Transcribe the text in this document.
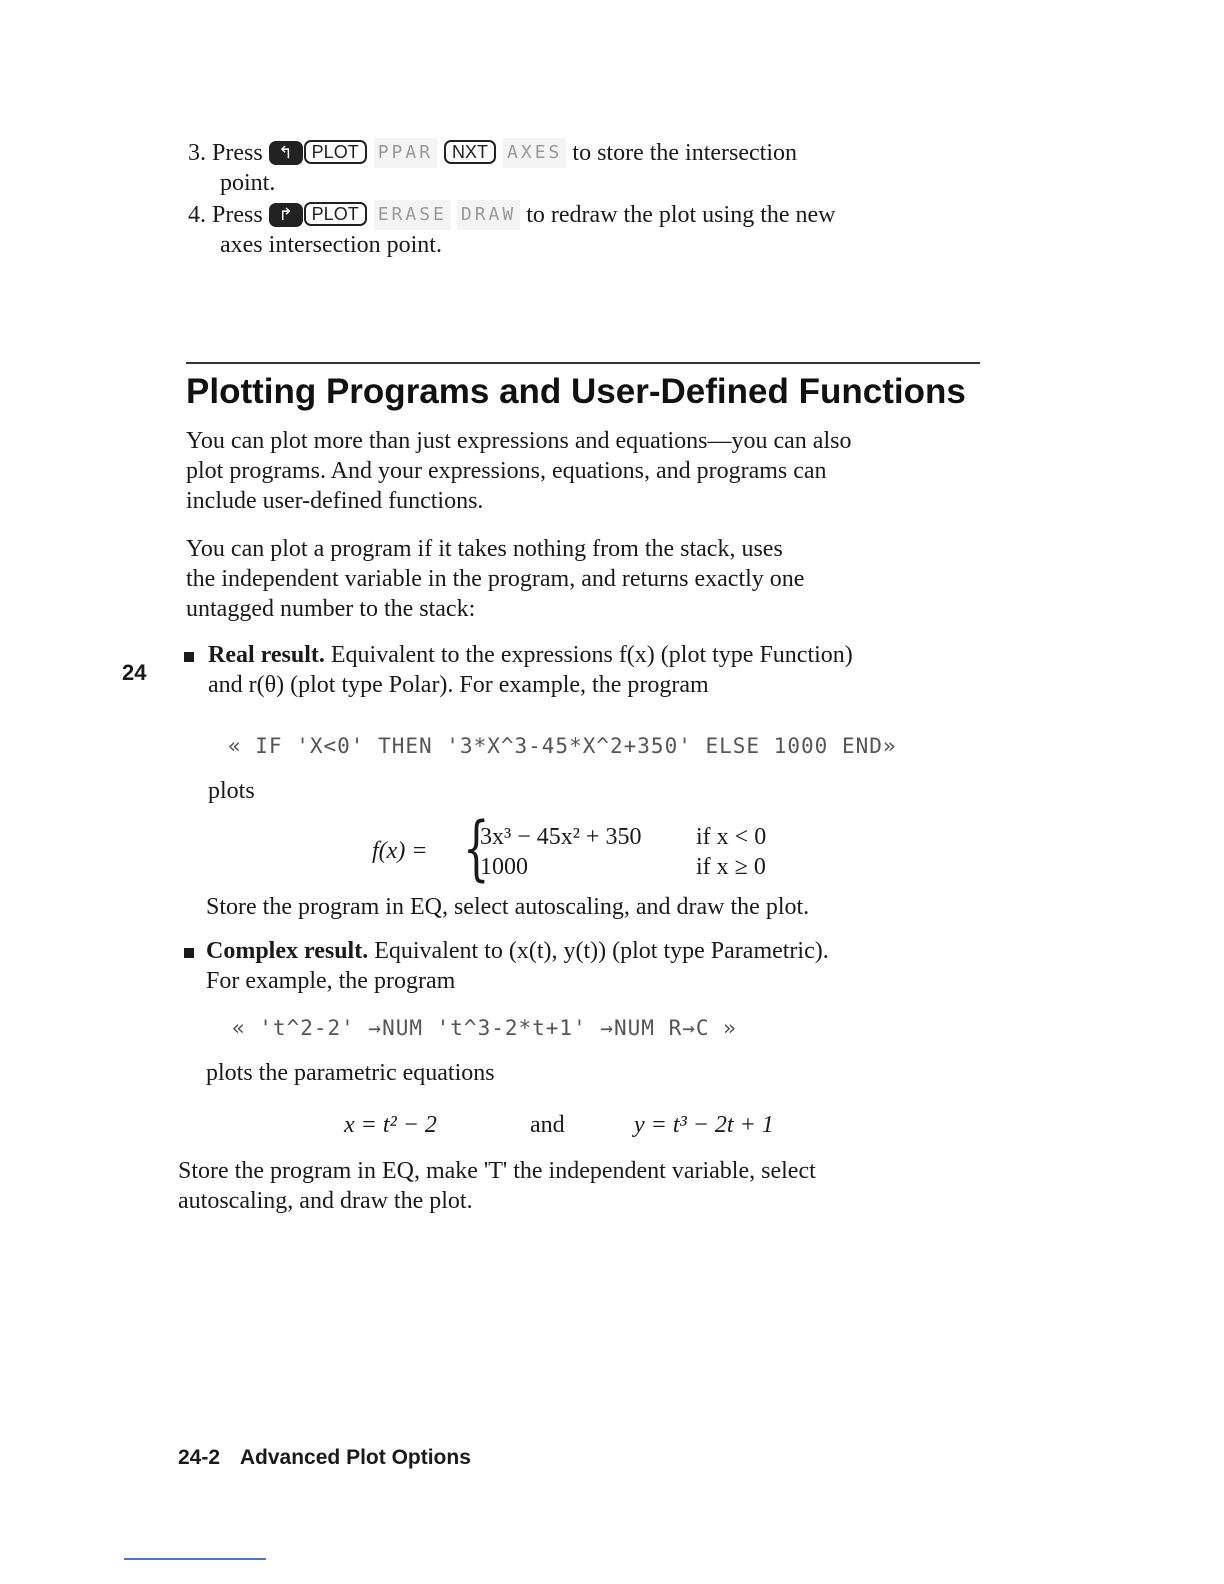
3. Press ↰ PLOT PPAR NXT AXES to store the intersection
point.
4. Press ↱ PLOT ERASE DRAW to redraw the plot using the new
axes intersection point.
Plotting Programs and User-Defined Functions
You can plot more than just expressions and equations—you can also
plot programs. And your expressions, equations, and programs can
include user-defined functions.
You can plot a program if it takes nothing from the stack, uses
the independent variable in the program, and returns exactly one
untagged number to the stack:
24
Real result. Equivalent to the expressions f(x) (plot type Function)
and r(θ) (plot type Polar). For example, the program
« IF 'X<0' THEN '3*X^3-45*X^2+350' ELSE 1000 END»
plots
f(x) = {
3x³ − 45x² + 350 if x < 0
1000	if x ≥ 0
Store the program in EQ, select autoscaling, and draw the plot.
Complex result. Equivalent to (x(t), y(t)) (plot type Parametric).
For example, the program
« 't^2-2' →NUM 't^3-2*t+1' →NUM R→C »
plots the parametric equations
x = t² − 2	and	y = t³ − 2t + 1
Store the program in EQ, make 'T' the independent variable, select
autoscaling, and draw the plot.
24-2 Advanced Plot Options
